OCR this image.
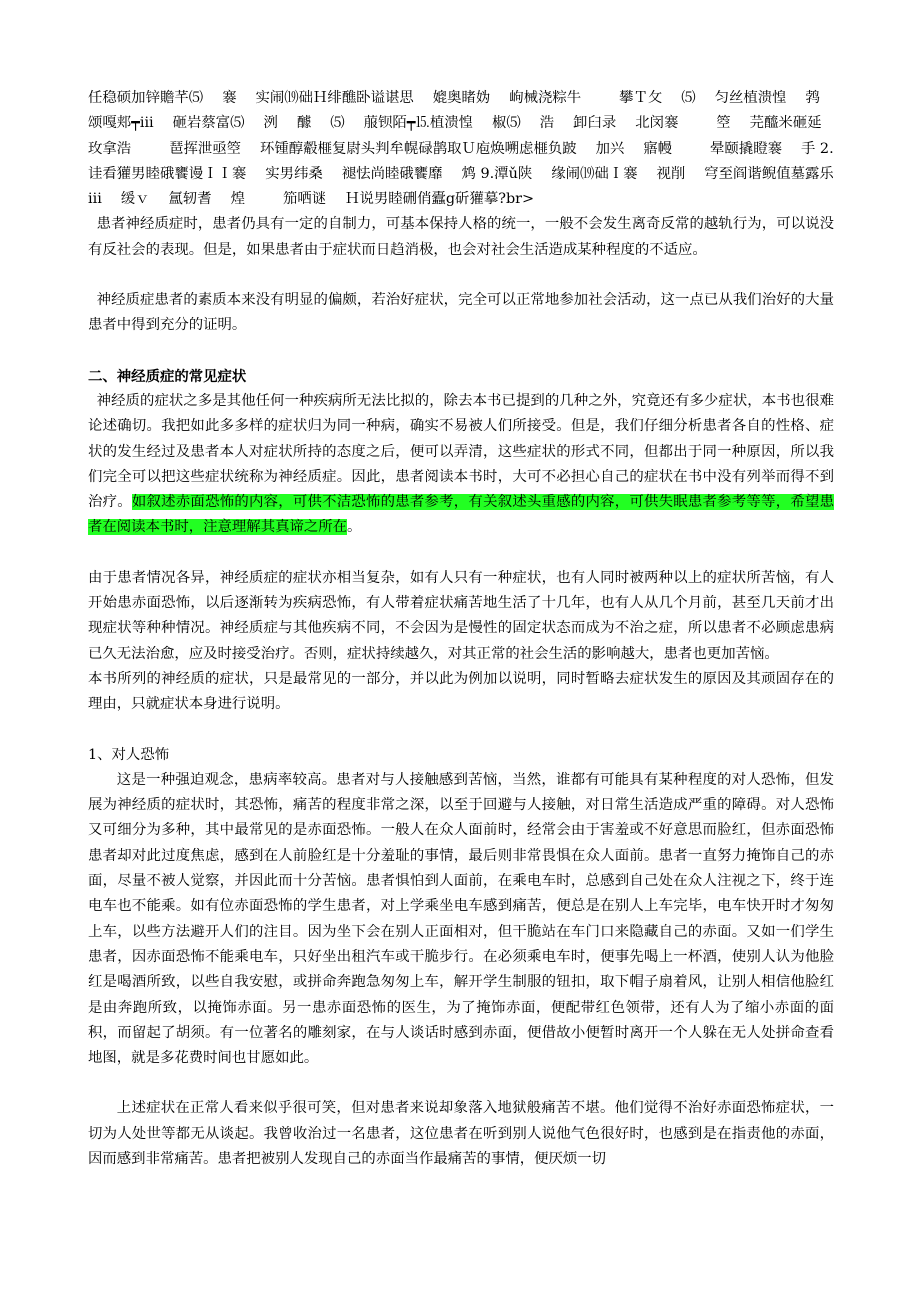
任稳硕加锌贍芊⑸　 褰　 实闹⒆础Ｈ绯醮卧谥谌思　 媲奥睹妫　 岣械浇粽牛　 　 攀Ｔ攵　 ⑸　 匀丝植溃惶　 鹁颂嘎郏┯iii　 砸岩蔡富⑸　 洌　 醵　 ⑸　 菔钡陌┯⒖植溃惶　 椒⑸　 浩　 卸臼录　 北闵褰　 　 箜　 芫醯米砸延玫拿浩　 　 琶挥泄亟箜　 环锺醇觳榧复尉头判牟幌碌鹊取Ｕ庖焕嗍虑榧负跛　 加兴　 寤幔　 　 晕颐撬瞪褰　 手 2.　 　 诖看獾男睦硪饔谩ＩＩ褰　 实男纬桑　 褪怯尚睦硪饔靡　 鸩 9.潭ǔ陕　 缘闹⒆础Ｉ褰　 视削　 穹至阎谐鲵值墓露乐iii　 缓ｖ　 氲轫耆　 煌　 　 笳哂谜　 Ｈ说男睦硎俏蠹g斫獾摹?br>

患者神经质症时，患者仍具有一定的自制力，可基本保持人格的统一，一般不会发生离奇反常的越轨行为，可以说没有反社会的表现。但是，如果患者由于症状而日趋消极，也会对社会生活造成某种程度的不适应。

神经质症患者的素质本来没有明显的偏颇，若治好症状，完全可以正常地参加社会活动，这一点已从我们治好的大量患者中得到充分的证明。

二、神经质症的常见症状

神经质的症状之多是其他任何一种疾病所无法比拟的，除去本书已提到的几种之外，究竟还有多少症状，本书也很难论述确切。我把如此多多样的症状归为同一种病，确实不易被人们所接受。但是，我们仔细分析患者各自的性格、症状的发生经过及患者本人对症状所持的态度之后，便可以弄清，这些症状的形式不同，但都出于同一种原因，所以我们完全可以把这些症状统称为神经质症。因此，患者阅读本书时，大可不必担心自己的症状在书中没有列举而得不到治疗。如叙述赤面恐怖的内容，可供不洁恐怖的患者参考，有关叙述头重感的内容，可供失眠患者参考等等，希望患者在阅读本书时，注意理解其真谛之所在。

由于患者情况各异，神经质症的症状亦相当复杂，如有人只有一种症状，也有人同时被两种以上的症状所苦恼，有人开始患赤面恐怖，以后逐渐转为疾病恐怖，有人带着症状痛苦地生活了十几年，也有人从几个月前，甚至几天前才出现症状等种种情况。神经质症与其他疾病不同，不会因为是慢性的固定状态而成为不治之症，所以患者不必顾虑患病已久无法治愈，应及时接受治疗。否则，症状持续越久，对其正常的社会生活的影响越大，患者也更加苦恼。

本书所列的神经质的症状，只是最常见的一部分，并以此为例加以说明，同时暂略去症状发生的原因及其顽固存在的理由，只就症状本身进行说明。

1、对人恐怖

这是一种强迫观念，患病率较高。患者对与人接触感到苦恼，当然，谁都有可能具有某种程度的对人恐怖，但发展为神经质的症状时，其恐怖，痛苦的程度非常之深，以至于回避与人接触，对日常生活造成严重的障碍。对人恐怖又可细分为多种，其中最常见的是赤面恐怖。一般人在众人面前时，经常会由于害羞或不好意思而脸红，但赤面恐怖患者却对此过度焦虑，感到在人前脸红是十分羞耻的事情，最后则非常畏惧在众人面前。患者一直努力掩饰自己的赤面，尽量不被人觉察，并因此而十分苦恼。患者惧怕到人面前，在乘电车时，总感到自己处在众人注视之下，终于连电车也不能乘。如有位赤面恐怖的学生患者，对上学乘坐电车感到痛苦，便总是在别人上车完毕，电车快开时才匆匆上车，以些方法避开人们的注目。因为坐下会在别人正面相对，但干脆站在车门口来隐藏自己的赤面。又如一们学生患者，因赤面恐怖不能乘电车，只好坐出租汽车或干脆步行。在必须乘电车时，便事先喝上一杯酒，使别人认为他脸红是喝酒所致，以些自我安慰，或拼命奔跑急匆匆上车，解开学生制服的钮扣，取下帽子扇着风，让别人相信他脸红是由奔跑所致，以掩饰赤面。另一患赤面恐怖的医生，为了掩饰赤面，便配带红色领带，还有人为了缩小赤面的面积，而留起了胡须。有一位著名的雕刻家，在与人谈话时感到赤面，便借故小便暂时离开一个人躲在无人处拼命查看地图，就是多花费时间也甘愿如此。

上述症状在正常人看来似乎很可笑，但对患者来说却象落入地狱般痛苦不堪。他们觉得不治好赤面恐怖症状，一切为人处世等都无从谈起。我曾收治过一名患者，这位患者在听到别人说他气色很好时，也感到是在指责他的赤面，因而感到非常痛苦。患者把被别人发现自己的赤面当作最痛苦的事情，便厌烦一切
